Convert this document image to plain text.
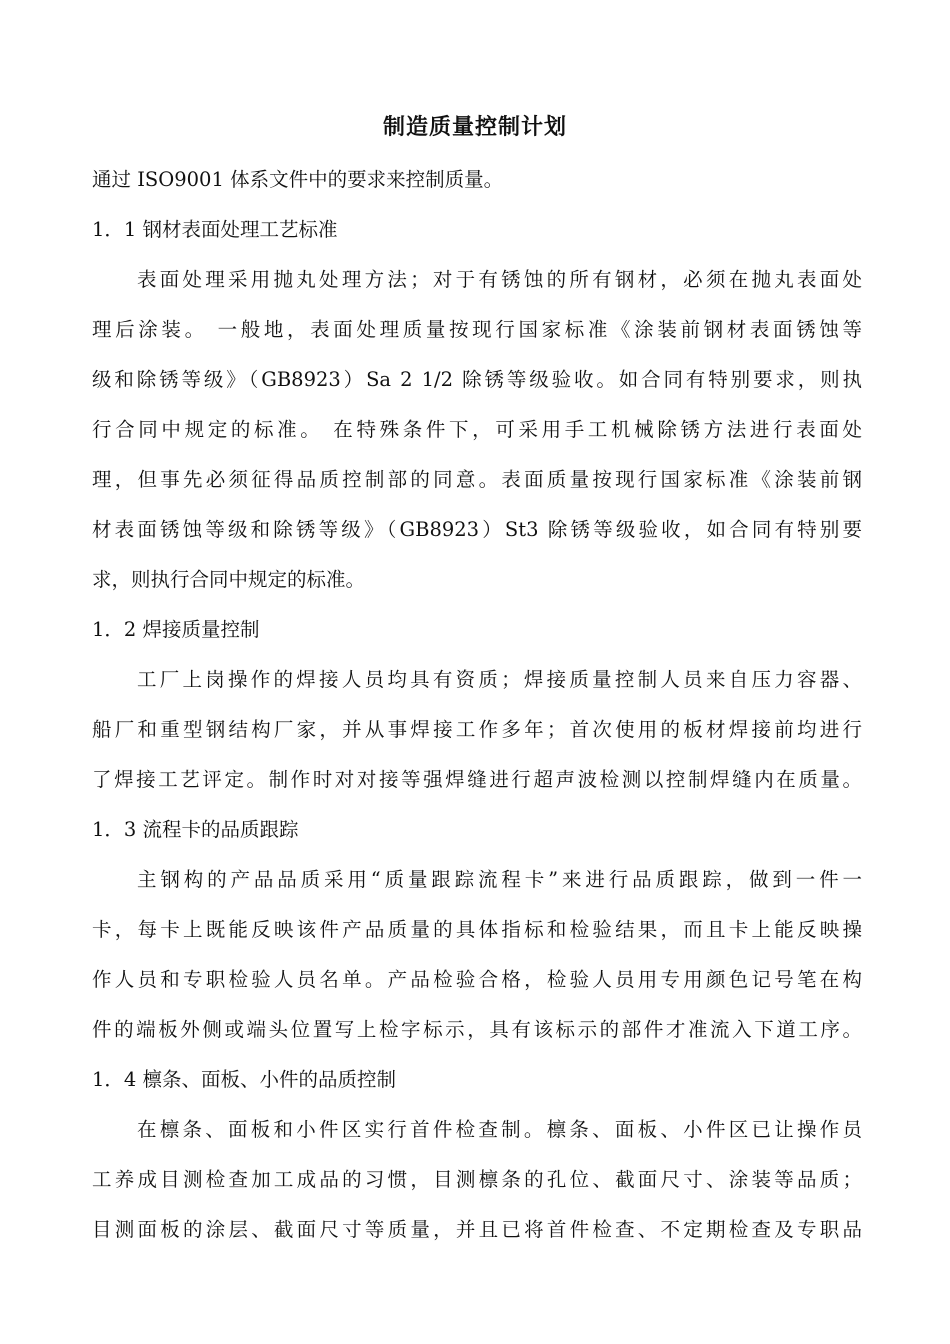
制造质量控制计划
通过 ISO9001 体系文件中的要求来控制质量。
1．1 钢材表面处理工艺标准
表面处理采用抛丸处理方法；对于有锈蚀的所有钢材，必须在抛丸表面处
理后涂装。 一般地，表面处理质量按现行国家标准《涂装前钢材表面锈蚀等
级和除锈等级》（GB8923）Sa 2 1/2 除锈等级验收。如合同有特别要求，则执
行合同中规定的标准。 在特殊条件下，可采用手工机械除锈方法进行表面处
理，但事先必须征得品质控制部的同意。表面质量按现行国家标准《涂装前钢
材表面锈蚀等级和除锈等级》（GB8923）St3 除锈等级验收，如合同有特别要
求，则执行合同中规定的标准。
1．2 焊接质量控制
工厂上岗操作的焊接人员均具有资质；焊接质量控制人员来自压力容器、
船厂和重型钢结构厂家，并从事焊接工作多年；首次使用的板材焊接前均进行
了焊接工艺评定。制作时对对接等强焊缝进行超声波检测以控制焊缝内在质量。
1．3 流程卡的品质跟踪
主钢构的产品品质采用“质量跟踪流程卡”来进行品质跟踪，做到一件一
卡，每卡上既能反映该件产品质量的具体指标和检验结果，而且卡上能反映操
作人员和专职检验人员名单。产品检验合格，检验人员用专用颜色记号笔在构
件的端板外侧或端头位置写上检字标示，具有该标示的部件才准流入下道工序。
1．4 檩条、面板、小件的品质控制
在檩条、面板和小件区实行首件检查制。檩条、面板、小件区已让操作员
工养成目测检查加工成品的习惯，目测檩条的孔位、截面尺寸、涂装等品质；
目测面板的涂层、截面尺寸等质量，并且已将首件检查、不定期检查及专职品
